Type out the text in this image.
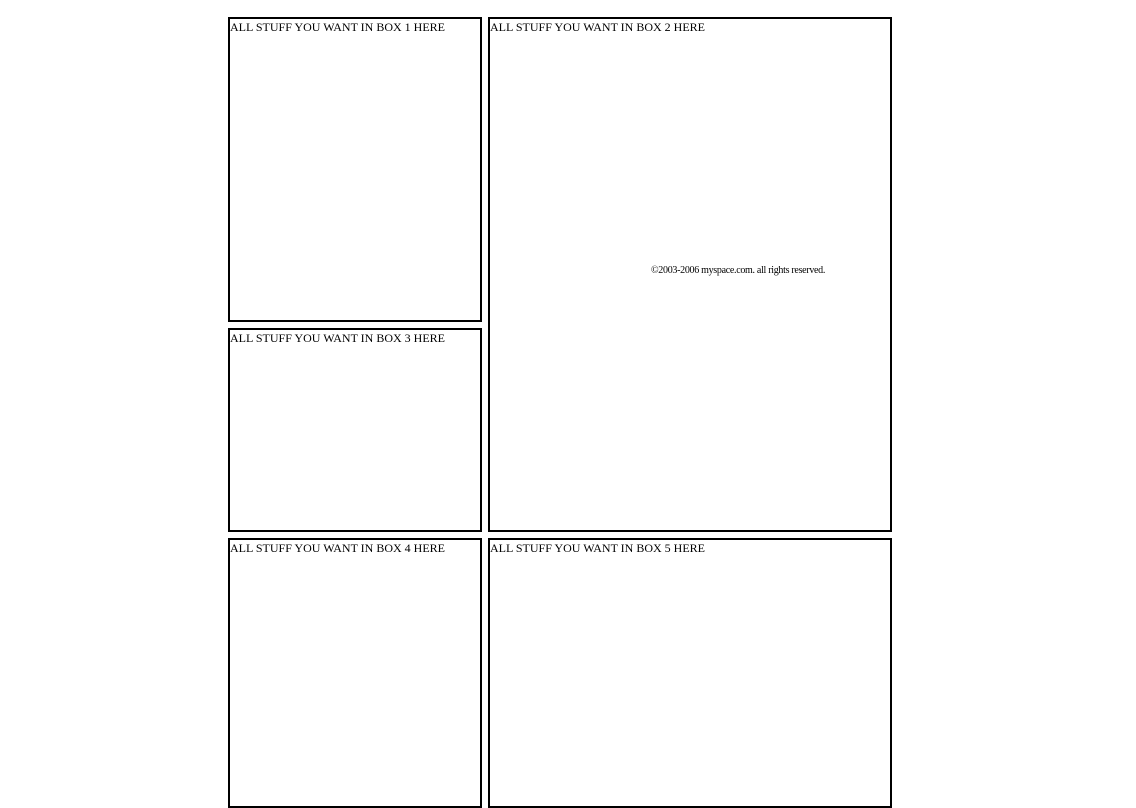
ALL STUFF YOU WANT IN BOX 1 HERE	ALL STUFF YOU WANT IN BOX 2 HERE
©2003-2006 myspace.com. all rights reserved.
ALL STUFF YOU WANT IN BOX 3 HERE
ALL STUFF YOU WANT IN BOX 4 HERE	ALL STUFF YOU WANT IN BOX 5 HERE
